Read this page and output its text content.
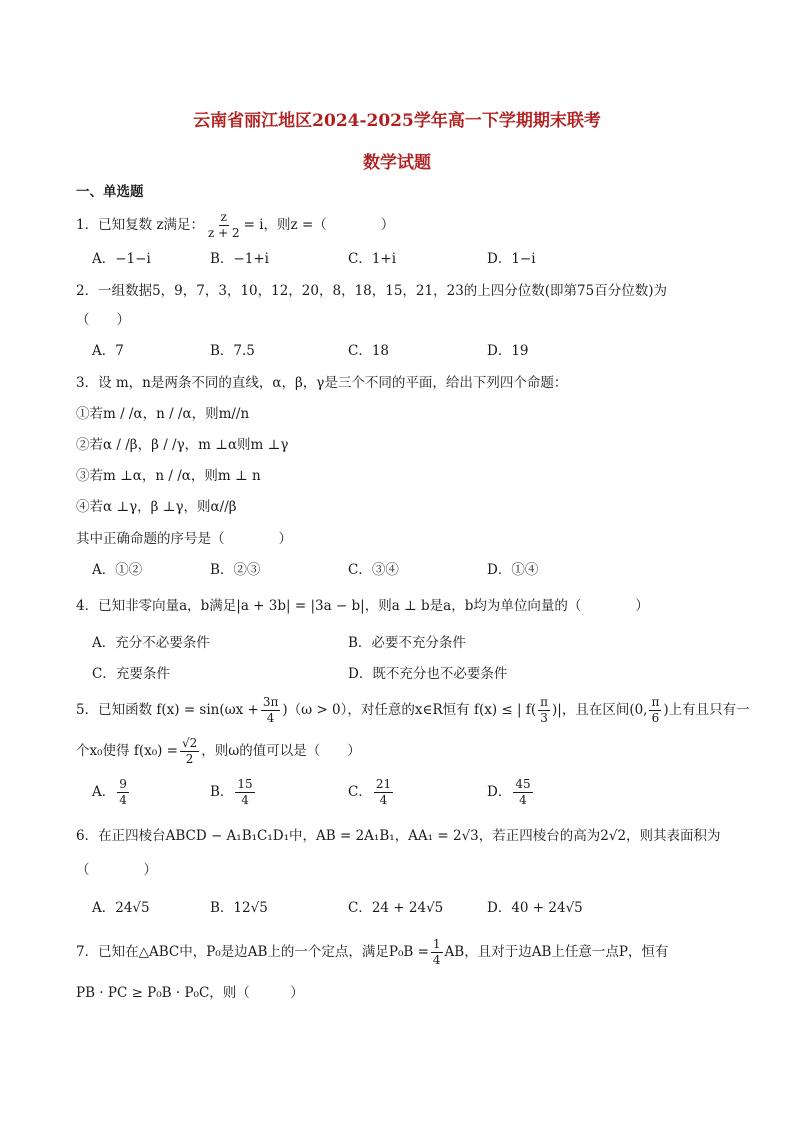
云南省丽江地区2024-2025学年高一下学期期末联考
数学试题
一、单选题
1．已知复数 z满足： $\frac{z}{z + 2} = i$，则z =（　　　　）
A．−1−i	B．−1+i	C．1+i	D．1−i
2．一组数据5，9，7，3，10，12，20，8，18，15，21，23的上四分位数(即第75百分位数)为
（　　）
A．7	B．7.5	C．18	D．19
3．设 m，n是两条不同的直线，α，β，γ是三个不同的平面，给出下列四个命题：
①若m / /α，n / /α，则m//n
②若α / /β，β / /γ，m ⊥α则m ⊥γ
③若m ⊥α，n / /α，则m ⊥ n
④若α ⊥γ，β ⊥γ，则α//β
其中正确命题的序号是（　　　　）
A．①②	B．②③	C．③④	D．①④
4．已知非零向量a，b满足|a + 3b| = |3a − b|，则a ⊥ b是a，b均为单位向量的（　　　　）
A．充分不必要条件	B．必要不充分条件
C．充要条件	D．既不充分也不必要条件
5．已知函数 $f(x) = \sin(\omega x + \frac{3\pi}{4} )(\omega > 0)$，对任意的x∈R恒有 f(x) ≤ | $f( \frac{\pi}{3}$ )|，且在区间(0, $\frac{\pi}{6}$ )上有且只有一
个x₀使得 $f(x_0) = \frac{√2}{2}$ ，则ω的值可以是（　　）
A． $\frac{9}{4}$	B． $\frac{15}{4}$	C． $\frac{21}{4}$	D． $\frac{45}{4}$
6．在正四棱台ABCD − A₁B₁C₁D₁中，AB = 2A₁B₁，AA₁ = 2√3，若正四棱台的高为2√2，则其表面积为
（　　　　）
A．24√5	B．12√5	C．24 + 24√5	D．40 + 24√5
7．已知在△ABC中，P₀是边AB上的一个定点，满足$P_0B = \frac{1}{4}$ AB，且对于边AB上任意一点P，恒有
PB · PC ≥ P₀B · P₀C，则（　　　）
